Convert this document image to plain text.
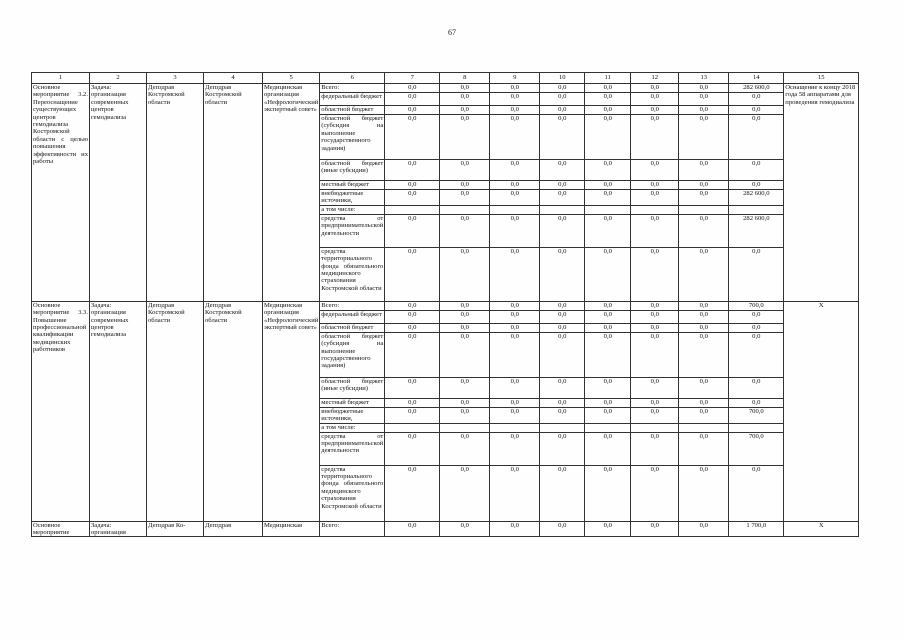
67
1	2	3	4	5	6	7	8	9	10	11	12	13	14	15
Основное мероприятие 3.2. Переоснащение существующих центров гемодиализа Костромской области с целью повышения эффективности их работы	Задача: организация современных центров гемодиализа	Депздрав Костромской области	Депздрав Костромской области	Медицинская организация «Нефрологический экспертный совет»	Всего:	0,0	0,0	0,0	0,0	0,0	0,0	0,0	282 600,0	Оснащение к концу 2018 года 58 аппаратами для проведения гемодиализа
					федеральный бюджет	0,0	0,0	0,0	0,0	0,0	0,0	0,0	0,0	
					областной бюджет	0,0	0,0	0,0	0,0	0,0	0,0	0,0	0,0	
					областной бюджет (субсидия на выполнение государственного задания)	0,0	0,0	0,0	0,0	0,0	0,0	0,0	0,0	
					областной бюджет (иные субсидии)	0,0	0,0	0,0	0,0	0,0	0,0	0,0	0,0	
					местный бюджет	0,0	0,0	0,0	0,0	0,0	0,0	0,0	0,0	
					внебюджетные источники,	0,0	0,0	0,0	0,0	0,0	0,0	0,0	282 600,0	
					а том числе:									
					средства от предпринимательской деятельности	0,0	0,0	0,0	0,0	0,0	0,0	0,0	282 600,0	
					средства территориального фонда обязательного медицинского страхования Костромской области	0,0	0,0	0,0	0,0	0,0	0,0	0,0	0,0	
Основное мероприятие 3.3. Повышение профессиональной квалификации медицинских работников	Задача: организация современных центров гемодиализа	Депздрав Костромской области	Депздрав Костромской области	Медицинская организация «Нефрологический экспертный совет»	Всего:	0,0	0,0	0,0	0,0	0,0	0,0	0,0	700,0	X
					федеральный бюджет	0,0	0,0	0,0	0,0	0,0	0,0	0,0	0,0	
					областной бюджет	0,0	0,0	0,0	0,0	0,0	0,0	0,0	0,0	
					областной бюджет (субсидия на выполнение государственного задания)	0,0	0,0	0,0	0,0	0,0	0,0	0,0	0,0	
					областной бюджет (иные субсидии)	0,0	0,0	0,0	0,0	0,0	0,0	0,0	0,0	
					местный бюджет	0,0	0,0	0,0	0,0	0,0	0,0	0,0	0,0	
					внебюджетные источники,	0,0	0,0	0,0	0,0	0,0	0,0	0,0	700,0	
					а том числе:									
					средства от предпринимательской деятельности	0,0	0,0	0,0	0,0	0,0	0,0	0,0	700,0	
					средства территориального фонда обязательного медицинского страхования Костромской области	0,0	0,0	0,0	0,0	0,0	0,0	0,0	0,0	
Основное мероприятие	Задача: организация	Депздрав Ко-	Депздрав	Медицинская	Всего:	0,0	0,0	0,0	0,0	0,0	0,0	0,0	1 700,0	X
